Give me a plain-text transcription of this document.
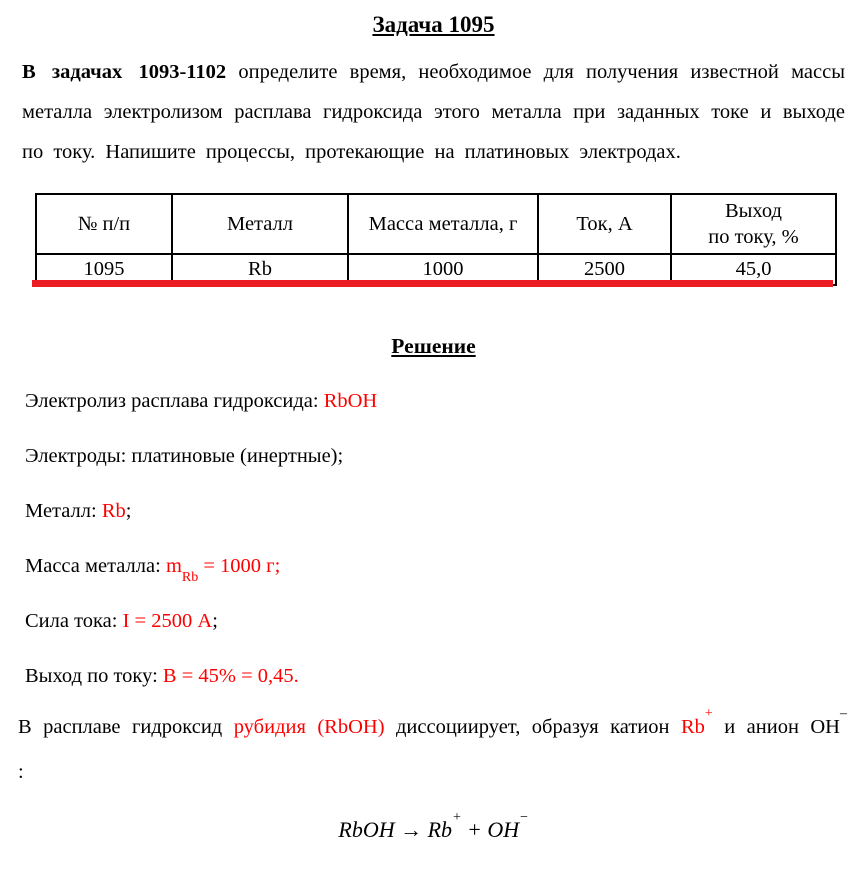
Задача 1095

В задачах 1093-1102 определите время, необходимое для получения известной массы металла электролизом расплава гидроксида этого металла при заданных токе и выходе по току. Напишите процессы, протекающие на платиновых электродах.

№ п/п	Металл	Масса металла, г	Ток, А	Выход
по току, %

1095	Rb	1000	2500	45,0
Решение

Электролиз расплава гидроксида: RbOH

Электроды: платиновые (инертные);

Металл: Rb;

Масса металла: $m_{Rb} = 1000$ г;

Сила тока: I = 2500 А;

Выход по току: В = 45% = 0,45.

В расплаве гидроксид рубидия (RbOH) диссоциирует, образуя катион Rb+ и анион ОН– :

RbOH → Rb+ + OH−
